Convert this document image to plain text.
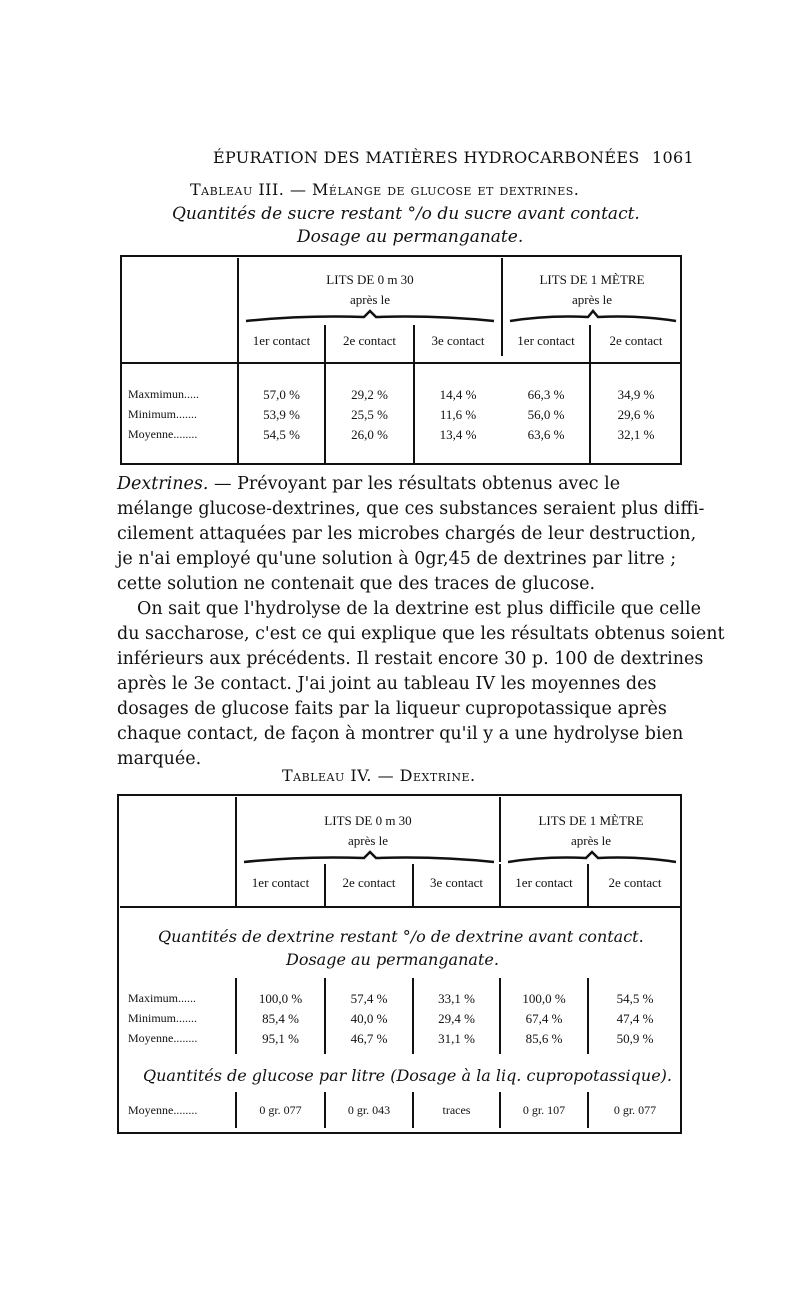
ÉPURATION DES MATIÈRES HYDROCARBONÉES 1061
Tableau III. — Mélange de glucose et dextrines.
Quantités de sucre restant °/o du sucre avant contact.
Dosage au permanganate.
LITS DE 0 m 30
après le
LITS DE 1 MÈTRE
après le
1er contact	2e contact	3e contact	1er contact	2e contact
Maxmimun.....	57,0 %	29,2 %	14,4 %	66,3 %	34,9 %
Minimum.......	53,9 %	25,5 %	11,6 %	56,0 %	29,6 %
Moyenne........	54,5 %	26,0 %	13,4 %	63,6 %	32,1 %
Dextrines. — Prévoyant par les résultats obtenus avec le
mélange glucose-dextrines, que ces substances seraient plus diffi-
cilement attaquées par les microbes chargés de leur destruction,
je n'ai employé qu'une solution à 0gr,45 de dextrines par litre ;
cette solution ne contenait que des traces de glucose.
On sait que l'hydrolyse de la dextrine est plus difficile que celle
du saccharose, c'est ce qui explique que les résultats obtenus soient
inférieurs aux précédents. Il restait encore 30 p. 100 de dextrines
après le 3e contact. J'ai joint au tableau IV les moyennes des
dosages de glucose faits par la liqueur cupropotassique après
chaque contact, de façon à montrer qu'il y a une hydrolyse bien
marquée.
Tableau IV. — Dextrine.
LITS DE 0 m 30
après le
LITS DE 1 MÈTRE
après le
1er contact	2e contact	3e contact	1er contact	2e contact
Quantités de dextrine restant °/o de dextrine avant contact.
Dosage au permanganate.
Maximum......	100,0 %	57,4 %	33,1 %	100,0 %	54,5 %
Minimum.......	85,4 %	40,0 %	29,4 %	67,4 %	47,4 %
Moyenne........	95,1 %	46,7 %	31,1 %	85,6 %	50,9 %
Quantités de glucose par litre (Dosage à la liq. cupropotassique).
Moyenne........	0 gr. 077	0 gr. 043	traces	0 gr. 107	0 gr. 077
